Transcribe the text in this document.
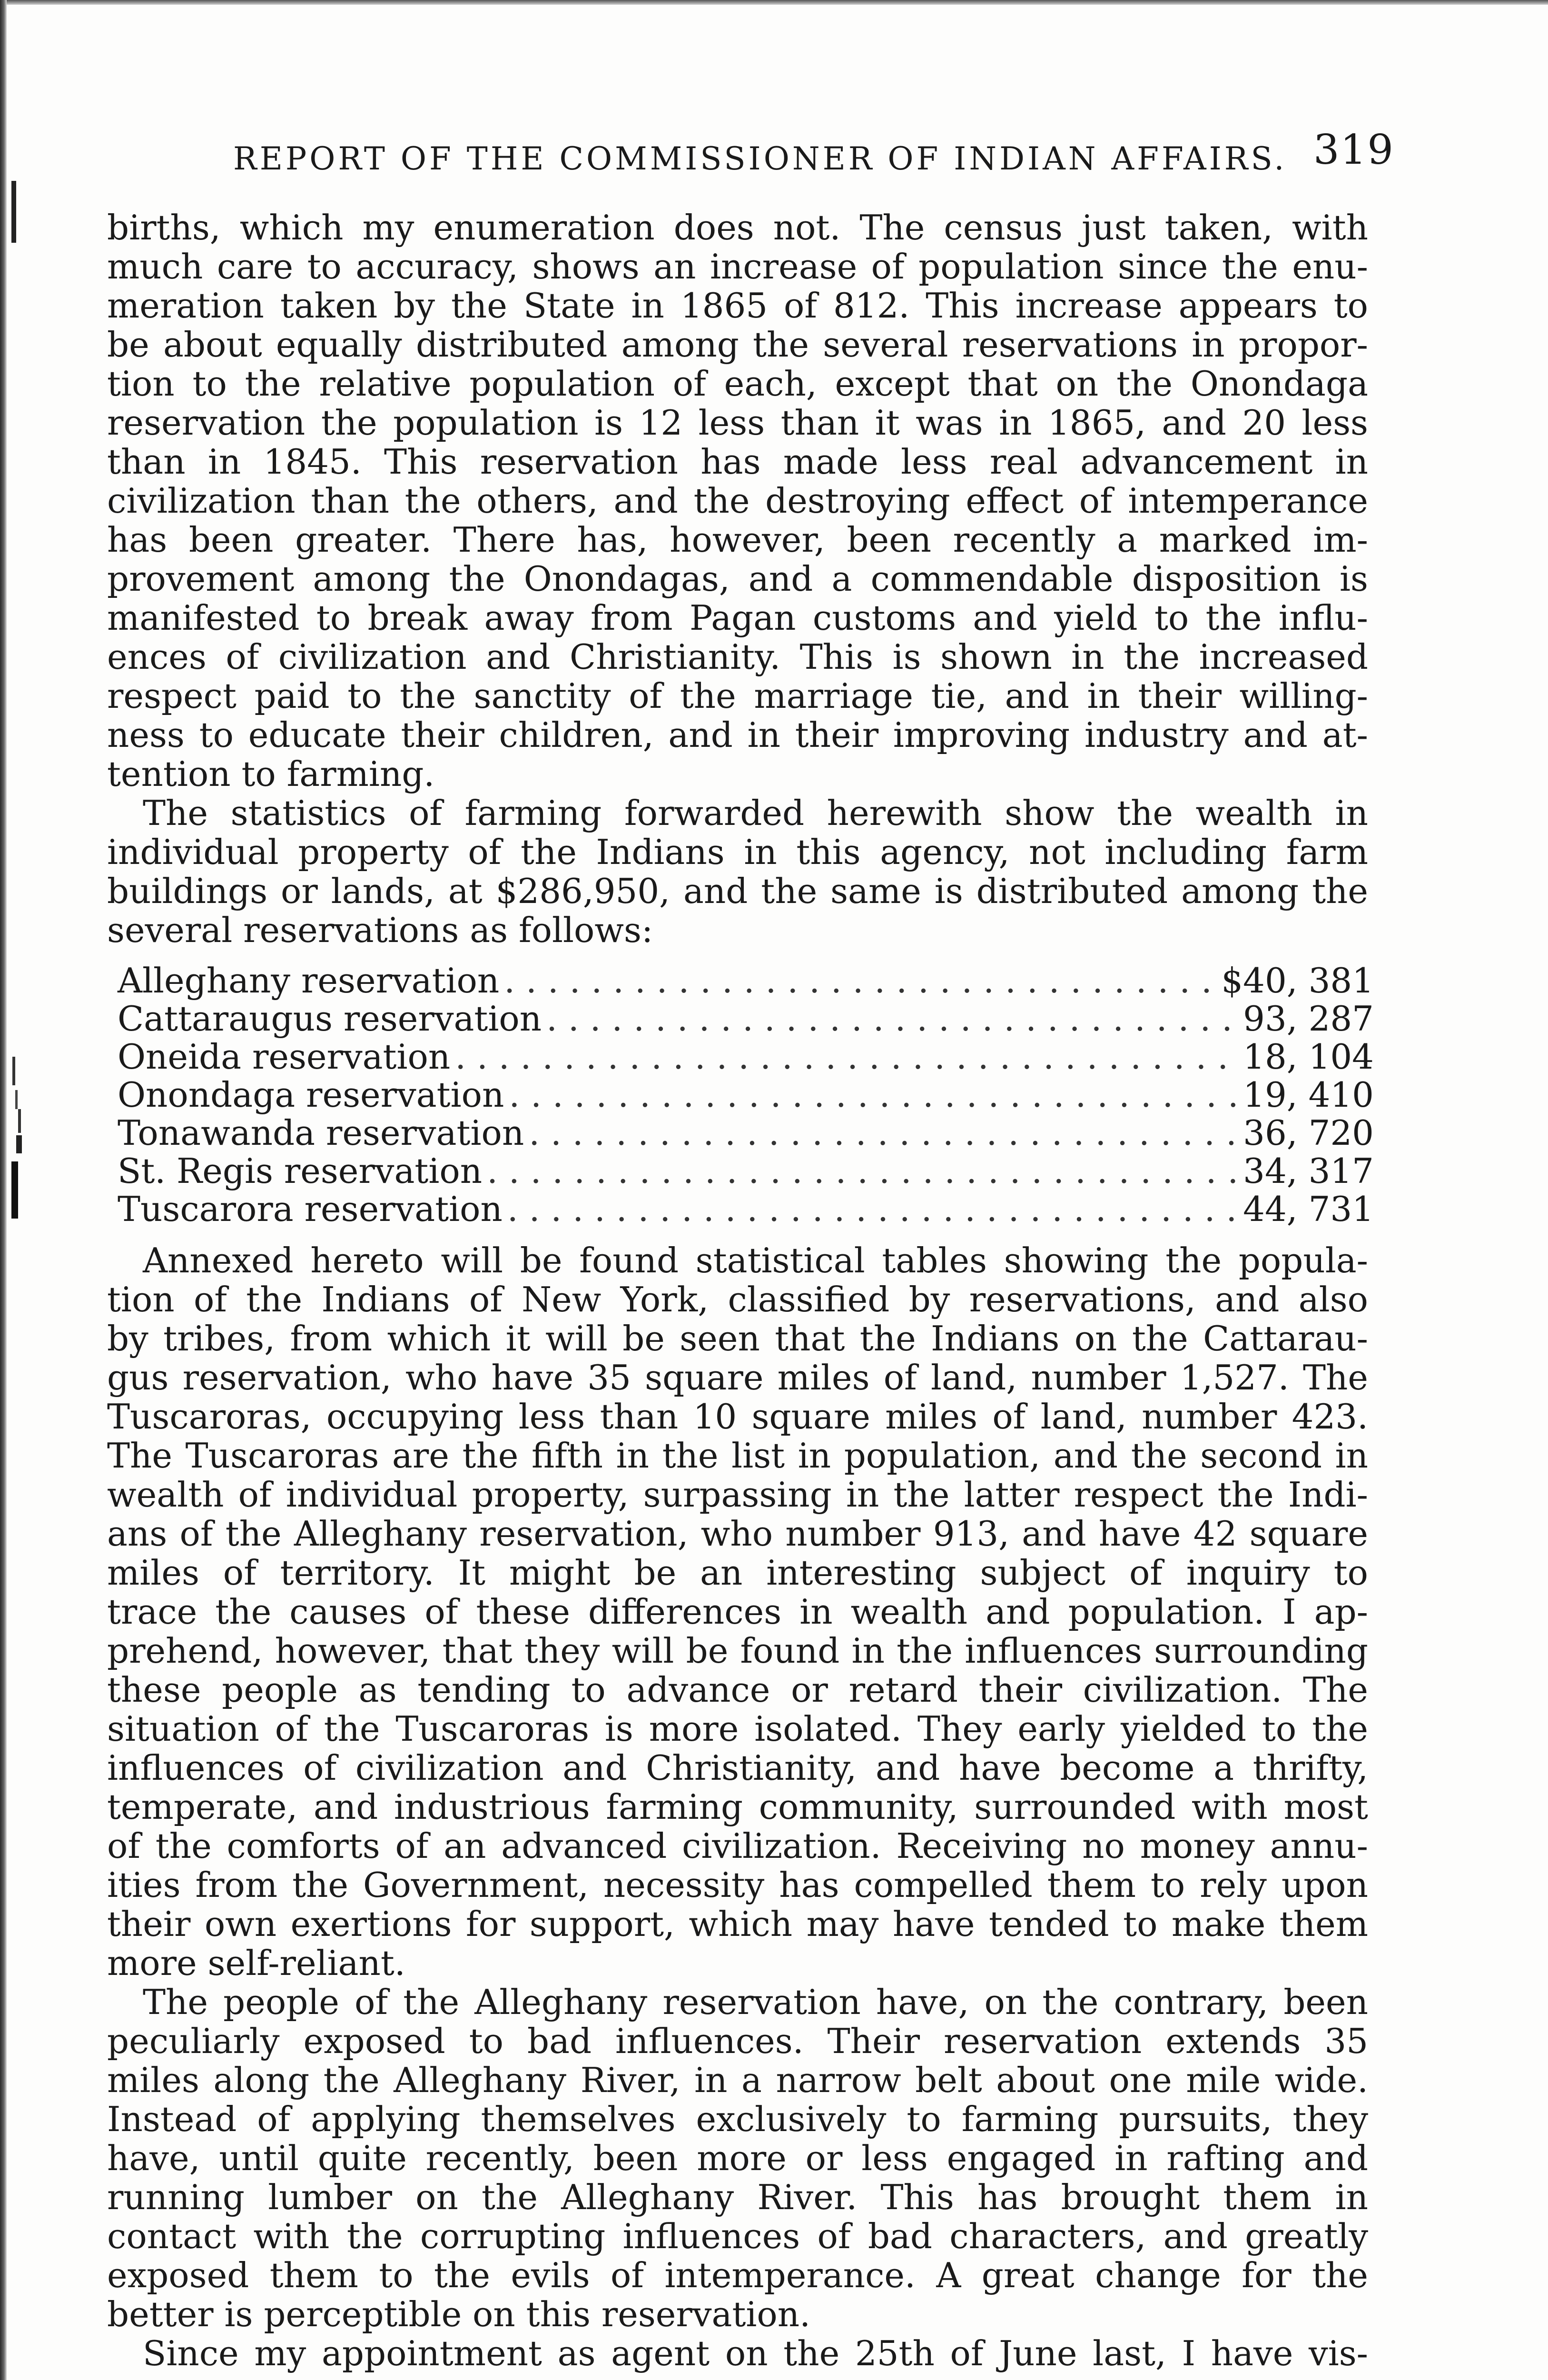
REPORT OF THE COMMISSIONER OF INDIAN AFFAIRS. 319
births, which my enumeration does not. The census just taken, with
much care to accuracy, shows an increase of population since the enu-
meration taken by the State in 1865 of 812. This increase appears to
be about equally distributed among the several reservations in propor-
tion to the relative population of each, except that on the Onondaga
reservation the population is 12 less than it was in 1865, and 20 less
than in 1845. This reservation has made less real advancement in
civilization than the others, and the destroying effect of intemperance
has been greater. There has, however, been recently a marked im-
provement among the Onondagas, and a commendable disposition is
manifested to break away from Pagan customs and yield to the influ-
ences of civilization and Christianity. This is shown in the increased
respect paid to the sanctity of the marriage tie, and in their willing-
ness to educate their children, and in their improving industry and at-
tention to farming.
The statistics of farming forwarded herewith show the wealth in
individual property of the Indians in this agency, not including farm
buildings or lands, at $286,950, and the same is distributed among the
several reservations as follows:
Alleghany reservation . . .	$40, 381
Cattaraugus reservation . . .	93, 287
Oneida reservation . . .	18, 104
Onondaga reservation . . .	19, 410
Tonawanda reservation . . .	36, 720
St. Regis reservation . . .	34, 317
Tuscarora reservation . . .	44, 731
Annexed hereto will be found statistical tables showing the popula-
tion of the Indians of New York, classified by reservations, and also
by tribes, from which it will be seen that the Indians on the Cattarau-
gus reservation, who have 35 square miles of land, number 1,527. The
Tuscaroras, occupying less than 10 square miles of land, number 423.
The Tuscaroras are the fifth in the list in population, and the second in
wealth of individual property, surpassing in the latter respect the Indi-
ans of the Alleghany reservation, who number 913, and have 42 square
miles of territory. It might be an interesting subject of inquiry to
trace the causes of these differences in wealth and population. I ap-
prehend, however, that they will be found in the influences surrounding
these people as tending to advance or retard their civilization. The
situation of the Tuscaroras is more isolated. They early yielded to the
influences of civilization and Christianity, and have become a thrifty,
temperate, and industrious farming community, surrounded with most
of the comforts of an advanced civilization. Receiving no money annu-
ities from the Government, necessity has compelled them to rely upon
their own exertions for support, which may have tended to make them
more self-reliant.
The people of the Alleghany reservation have, on the contrary, been
peculiarly exposed to bad influences. Their reservation extends 35
miles along the Alleghany River, in a narrow belt about one mile wide.
Instead of applying themselves exclusively to farming pursuits, they
have, until quite recently, been more or less engaged in rafting and
running lumber on the Alleghany River. This has brought them in
contact with the corrupting influences of bad characters, and greatly
exposed them to the evils of intemperance. A great change for the
better is perceptible on this reservation.
Since my appointment as agent on the 25th of June last, I have vis-
